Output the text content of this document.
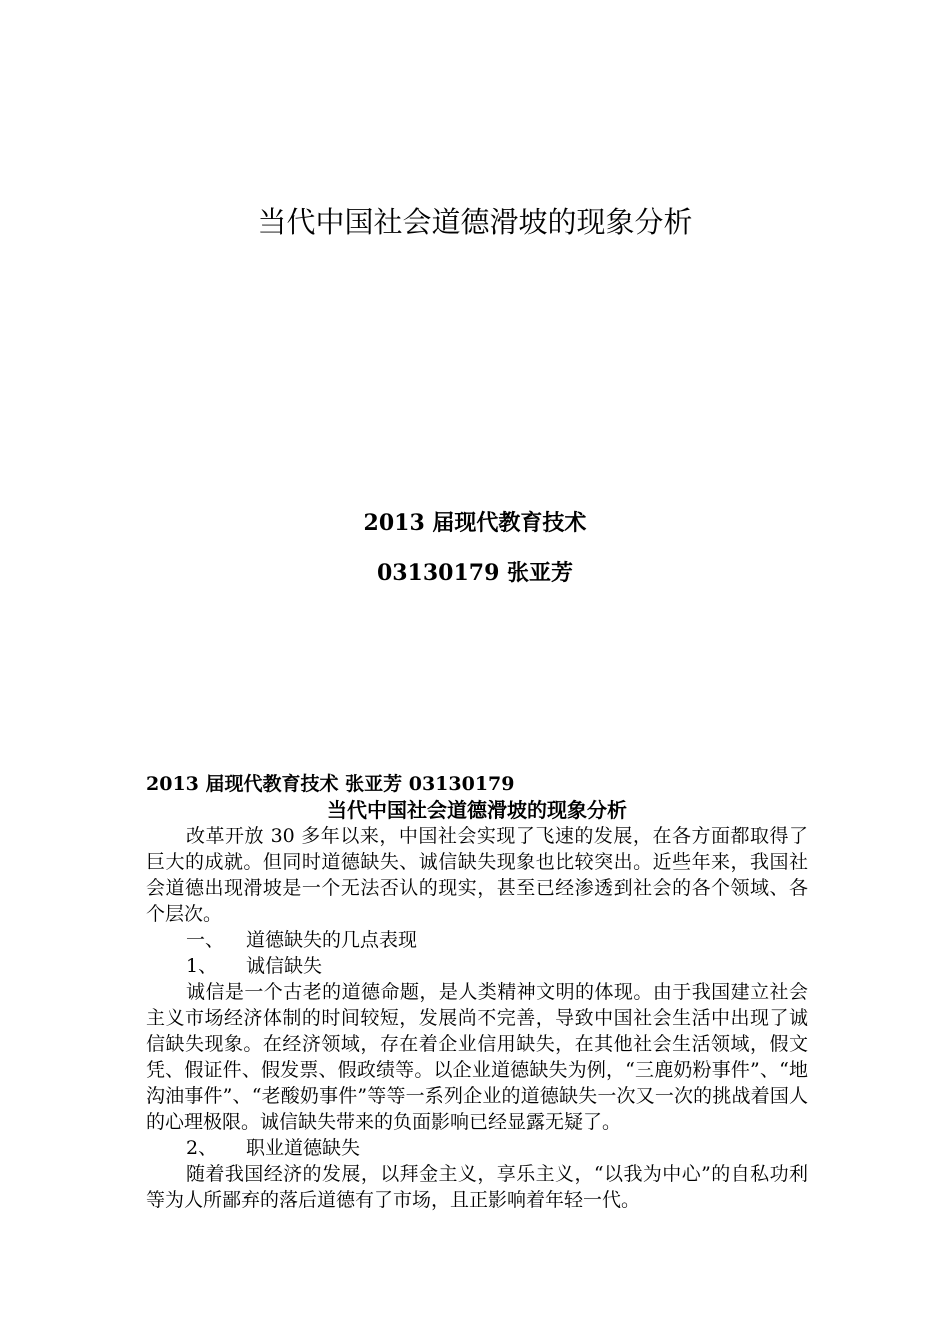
当代中国社会道德滑坡的现象分析

2013 届现代教育技术

03130179 张亚芳

2013 届现代教育技术 张亚芳 03130179

当代中国社会道德滑坡的现象分析

改革开放 30 多年以来，中国社会实现了飞速的发展，在各方面都取得了巨大的成就。但同时道德缺失、诚信缺失现象也比较突出。近些年来，我国社会道德出现滑坡是一个无法否认的现实，甚至已经渗透到社会的各个领域、各个层次。

一、 道德缺失的几点表现

1、 诚信缺失

诚信是一个古老的道德命题，是人类精神文明的体现。由于我国建立社会主义市场经济体制的时间较短，发展尚不完善，导致中国社会生活中出现了诚信缺失现象。在经济领域，存在着企业信用缺失，在其他社会生活领域，假文凭、假证件、假发票、假政绩等。以企业道德缺失为例，“三鹿奶粉事件”、“地沟油事件”、“老酸奶事件”等等一系列企业的道德缺失一次又一次的挑战着国人的心理极限。诚信缺失带来的负面影响已经显露无疑了。

2、 职业道德缺失

随着我国经济的发展，以拜金主义，享乐主义，“以我为中心”的自私功利等为人所鄙弃的落后道德有了市场，且正影响着年轻一代。
